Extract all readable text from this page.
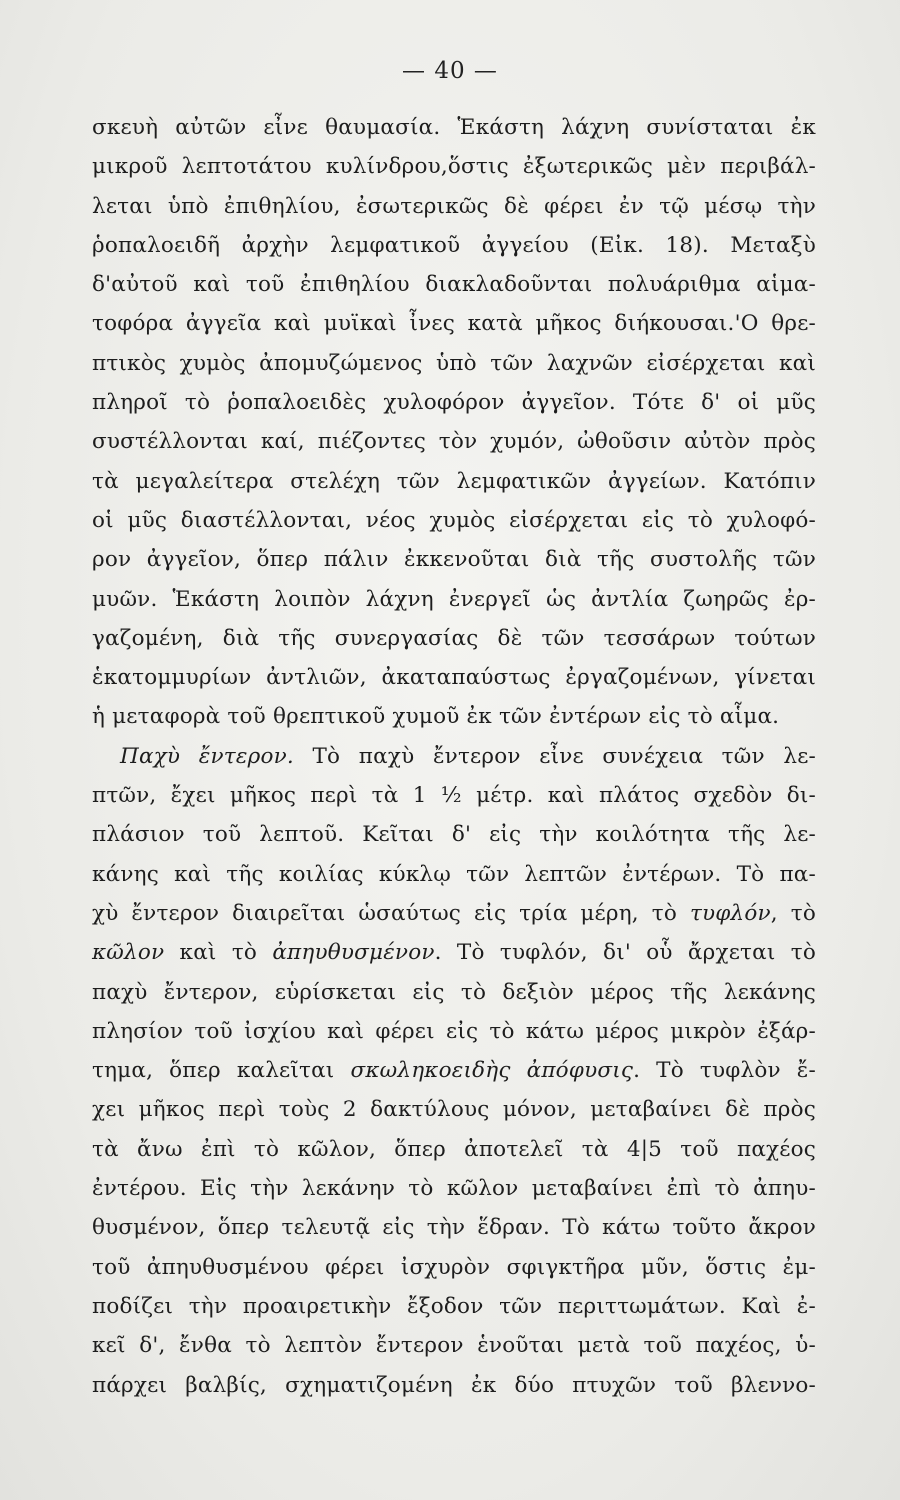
— 40 —
σκευὴ αὐτῶν εἶνε θαυμασία. Ἑκάστη λάχνη συνίσταται ἐκ
μικροῦ λεπτοτάτου κυλίνδρου,ὅστις ἐξωτερικῶς μὲν περιβάλ-
λεται ὑπὸ ἐπιθηλίου, ἐσωτερικῶς δὲ φέρει ἐν τῷ μέσῳ τὴν
ῥοπαλοειδῆ ἀρχὴν λεμφατικοῦ ἀγγείου (Εἰκ. 18). Μεταξὺ
δ'αὐτοῦ καὶ τοῦ ἐπιθηλίου διακλαδοῦνται πολυάριθμα αἱμα-
τοφόρα ἀγγεῖα καὶ μυϊκαὶ ἶνες κατὰ μῆκος διήκουσαι.'Ο θρε-
πτικὸς χυμὸς ἀπομυζώμενος ὑπὸ τῶν λαχνῶν εἰσέρχεται καὶ
πληροῖ τὸ ῥοπαλοειδὲς χυλοφόρον ἀγγεῖον. Τότε δ' οἱ μῦς
συστέλλονται καί, πιέζοντες τὸν χυμόν, ὠθοῦσιν αὐτὸν πρὸς
τὰ μεγαλείτερα στελέχη τῶν λεμφατικῶν ἀγγείων. Κατόπιν
οἱ μῦς διαστέλλονται, νέος χυμὸς εἰσέρχεται εἰς τὸ χυλοφό-
ρον ἀγγεῖον, ὅπερ πάλιν ἐκκενοῦται διὰ τῆς συστολῆς τῶν
μυῶν. Ἑκάστη λοιπὸν λάχνη ἐνεργεῖ ὡς ἀντλία ζωηρῶς ἐρ-
γαζομένη, διὰ τῆς συνεργασίας δὲ τῶν τεσσάρων τούτων
ἑκατομμυρίων ἀντλιῶν, ἀκαταπαύστως ἐργαζομένων, γίνεται
ἡ μεταφορὰ τοῦ θρεπτικοῦ χυμοῦ ἐκ τῶν ἐντέρων εἰς τὸ αἷμα.
Παχὺ ἔντερον. Τὸ παχὺ ἔντερον εἶνε συνέχεια τῶν λε-
πτῶν, ἔχει μῆκος περὶ τὰ 1 ½ μέτρ. καὶ πλάτος σχεδὸν δι-
πλάσιον τοῦ λεπτοῦ. Κεῖται δ' εἰς τὴν κοιλότητα τῆς λε-
κάνης καὶ τῆς κοιλίας κύκλῳ τῶν λεπτῶν ἐντέρων. Τὸ πα-
χὺ ἔντερον διαιρεῖται ὡσαύτως εἰς τρία μέρη, τὸ τυφλόν, τὸ
κῶλον καὶ τὸ ἀπηυθυσμένον. Τὸ τυφλόν, δι' οὗ ἄρχεται τὸ
παχὺ ἔντερον, εὑρίσκεται εἰς τὸ δεξιὸν μέρος τῆς λεκάνης
πλησίον τοῦ ἰσχίου καὶ φέρει εἰς τὸ κάτω μέρος μικρὸν ἐξάρ-
τημα, ὅπερ καλεῖται σκωληκοειδὴς ἀπόφυσις. Τὸ τυφλὸν ἔ-
χει μῆκος περὶ τοὺς 2 δακτύλους μόνον, μεταβαίνει δὲ πρὸς
τὰ ἄνω ἐπὶ τὸ κῶλον, ὅπερ ἀποτελεῖ τὰ 4|5 τοῦ παχέος
ἐντέρου. Εἰς τὴν λεκάνην τὸ κῶλον μεταβαίνει ἐπὶ τὸ ἀπηυ-
θυσμένον, ὅπερ τελευτᾷ εἰς τὴν ἕδραν. Τὸ κάτω τοῦτο ἄκρον
τοῦ ἀπηυθυσμένου φέρει ἰσχυρὸν σφιγκτῆρα μῦν, ὅστις ἐμ-
ποδίζει τὴν προαιρετικὴν ἔξοδον τῶν περιττωμάτων. Καὶ ἐ-
κεῖ δ', ἔνθα τὸ λεπτὸν ἔντερον ἑνοῦται μετὰ τοῦ παχέος, ὑ-
πάρχει βαλβίς, σχηματιζομένη ἐκ δύο πτυχῶν τοῦ βλεννο-
